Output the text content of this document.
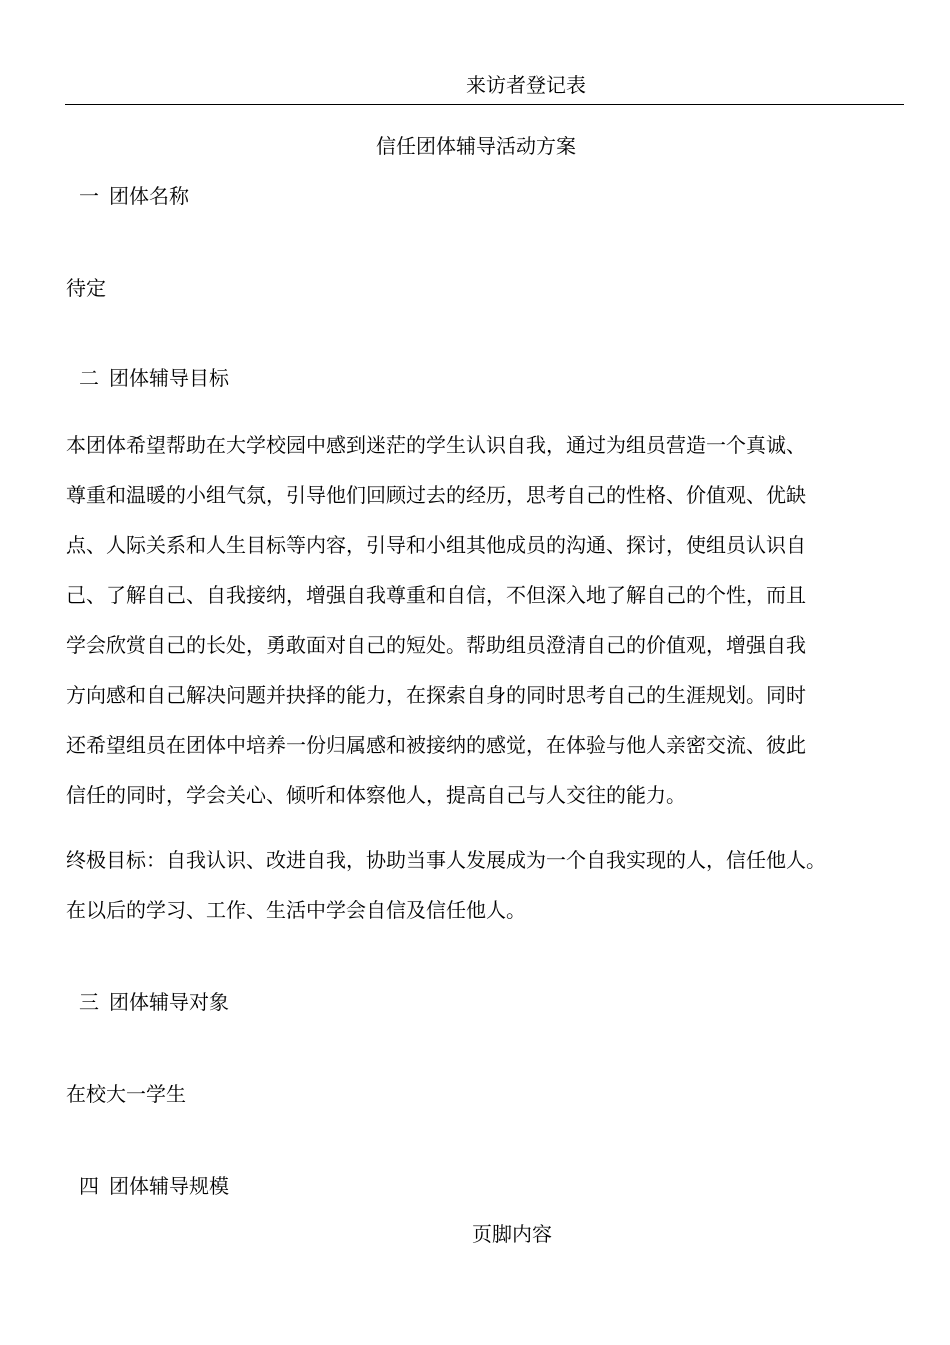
来访者登记表
信任团体辅导活动方案
一 团体名称
待定
二 团体辅导目标
本团体希望帮助在大学校园中感到迷茫的学生认识自我，通过为组员营造一个真诚、
尊重和温暖的小组气氛，引导他们回顾过去的经历，思考自己的性格、价值观、优缺
点、人际关系和人生目标等内容，引导和小组其他成员的沟通、探讨，使组员认识自
己、了解自己、自我接纳，增强自我尊重和自信，不但深入地了解自己的个性，而且
学会欣赏自己的长处，勇敢面对自己的短处。帮助组员澄清自己的价值观，增强自我
方向感和自己解决问题并抉择的能力，在探索自身的同时思考自己的生涯规划。同时
还希望组员在团体中培养一份归属感和被接纳的感觉，在体验与他人亲密交流、彼此
信任的同时，学会关心、倾听和体察他人，提高自己与人交往的能力。
终极目标：自我认识、改进自我，协助当事人发展成为一个自我实现的人，信任他人。
在以后的学习、工作、生活中学会自信及信任他人。
三 团体辅导对象
在校大一学生
四 团体辅导规模
页脚内容
